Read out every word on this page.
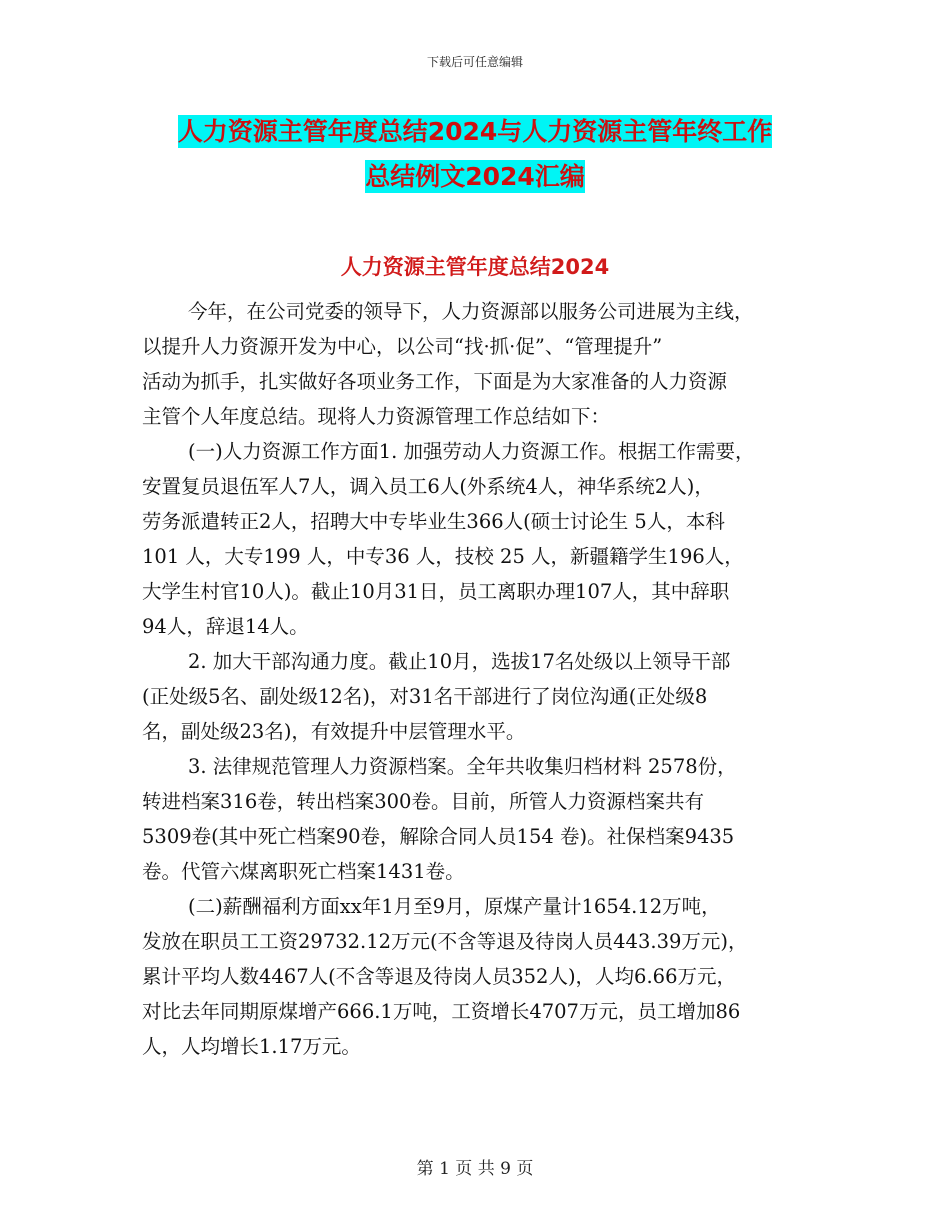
下载后可任意编辑
人力资源主管年度总结2024与人力资源主管年终工作
总结例文2024汇编
人力资源主管年度总结2024
今年，在公司党委的领导下，人力资源部以服务公司进展为主线，
以提升人力资源开发为中心，以公司“找·抓·促”、“管理提升”
活动为抓手，扎实做好各项业务工作，下面是为大家准备的人力资源
主管个人年度总结。现将人力资源管理工作总结如下：
(一)人力资源工作方面1. 加强劳动人力资源工作。根据工作需要，
安置复员退伍军人7人，调入员工6人(外系统4人，神华系统2人)，
劳务派遣转正2人，招聘大中专毕业生366人(硕士讨论生 5人，本科
101 人，大专199 人，中专36 人，技校 25 人，新疆籍学生196人，
大学生村官10人)。截止10月31日，员工离职办理107人，其中辞职
94人，辞退14人。
2. 加大干部沟通力度。截止10月，选拔17名处级以上领导干部
(正处级5名、副处级12名)，对31名干部进行了岗位沟通(正处级8
名，副处级23名)，有效提升中层管理水平。
3. 法律规范管理人力资源档案。全年共收集归档材料 2578份，
转进档案316卷，转出档案300卷。目前，所管人力资源档案共有
5309卷(其中死亡档案90卷，解除合同人员154 卷)。社保档案9435
卷。代管六煤离职死亡档案1431卷。
(二)薪酬福利方面xx年1月至9月，原煤产量计1654.12万吨，
发放在职员工工资29732.12万元(不含等退及待岗人员443.39万元)，
累计平均人数4467人(不含等退及待岗人员352人)，人均6.66万元，
对比去年同期原煤增产666.1万吨，工资增长4707万元，员工增加86
人，人均增长1.17万元。
第 1 页 共 9 页
